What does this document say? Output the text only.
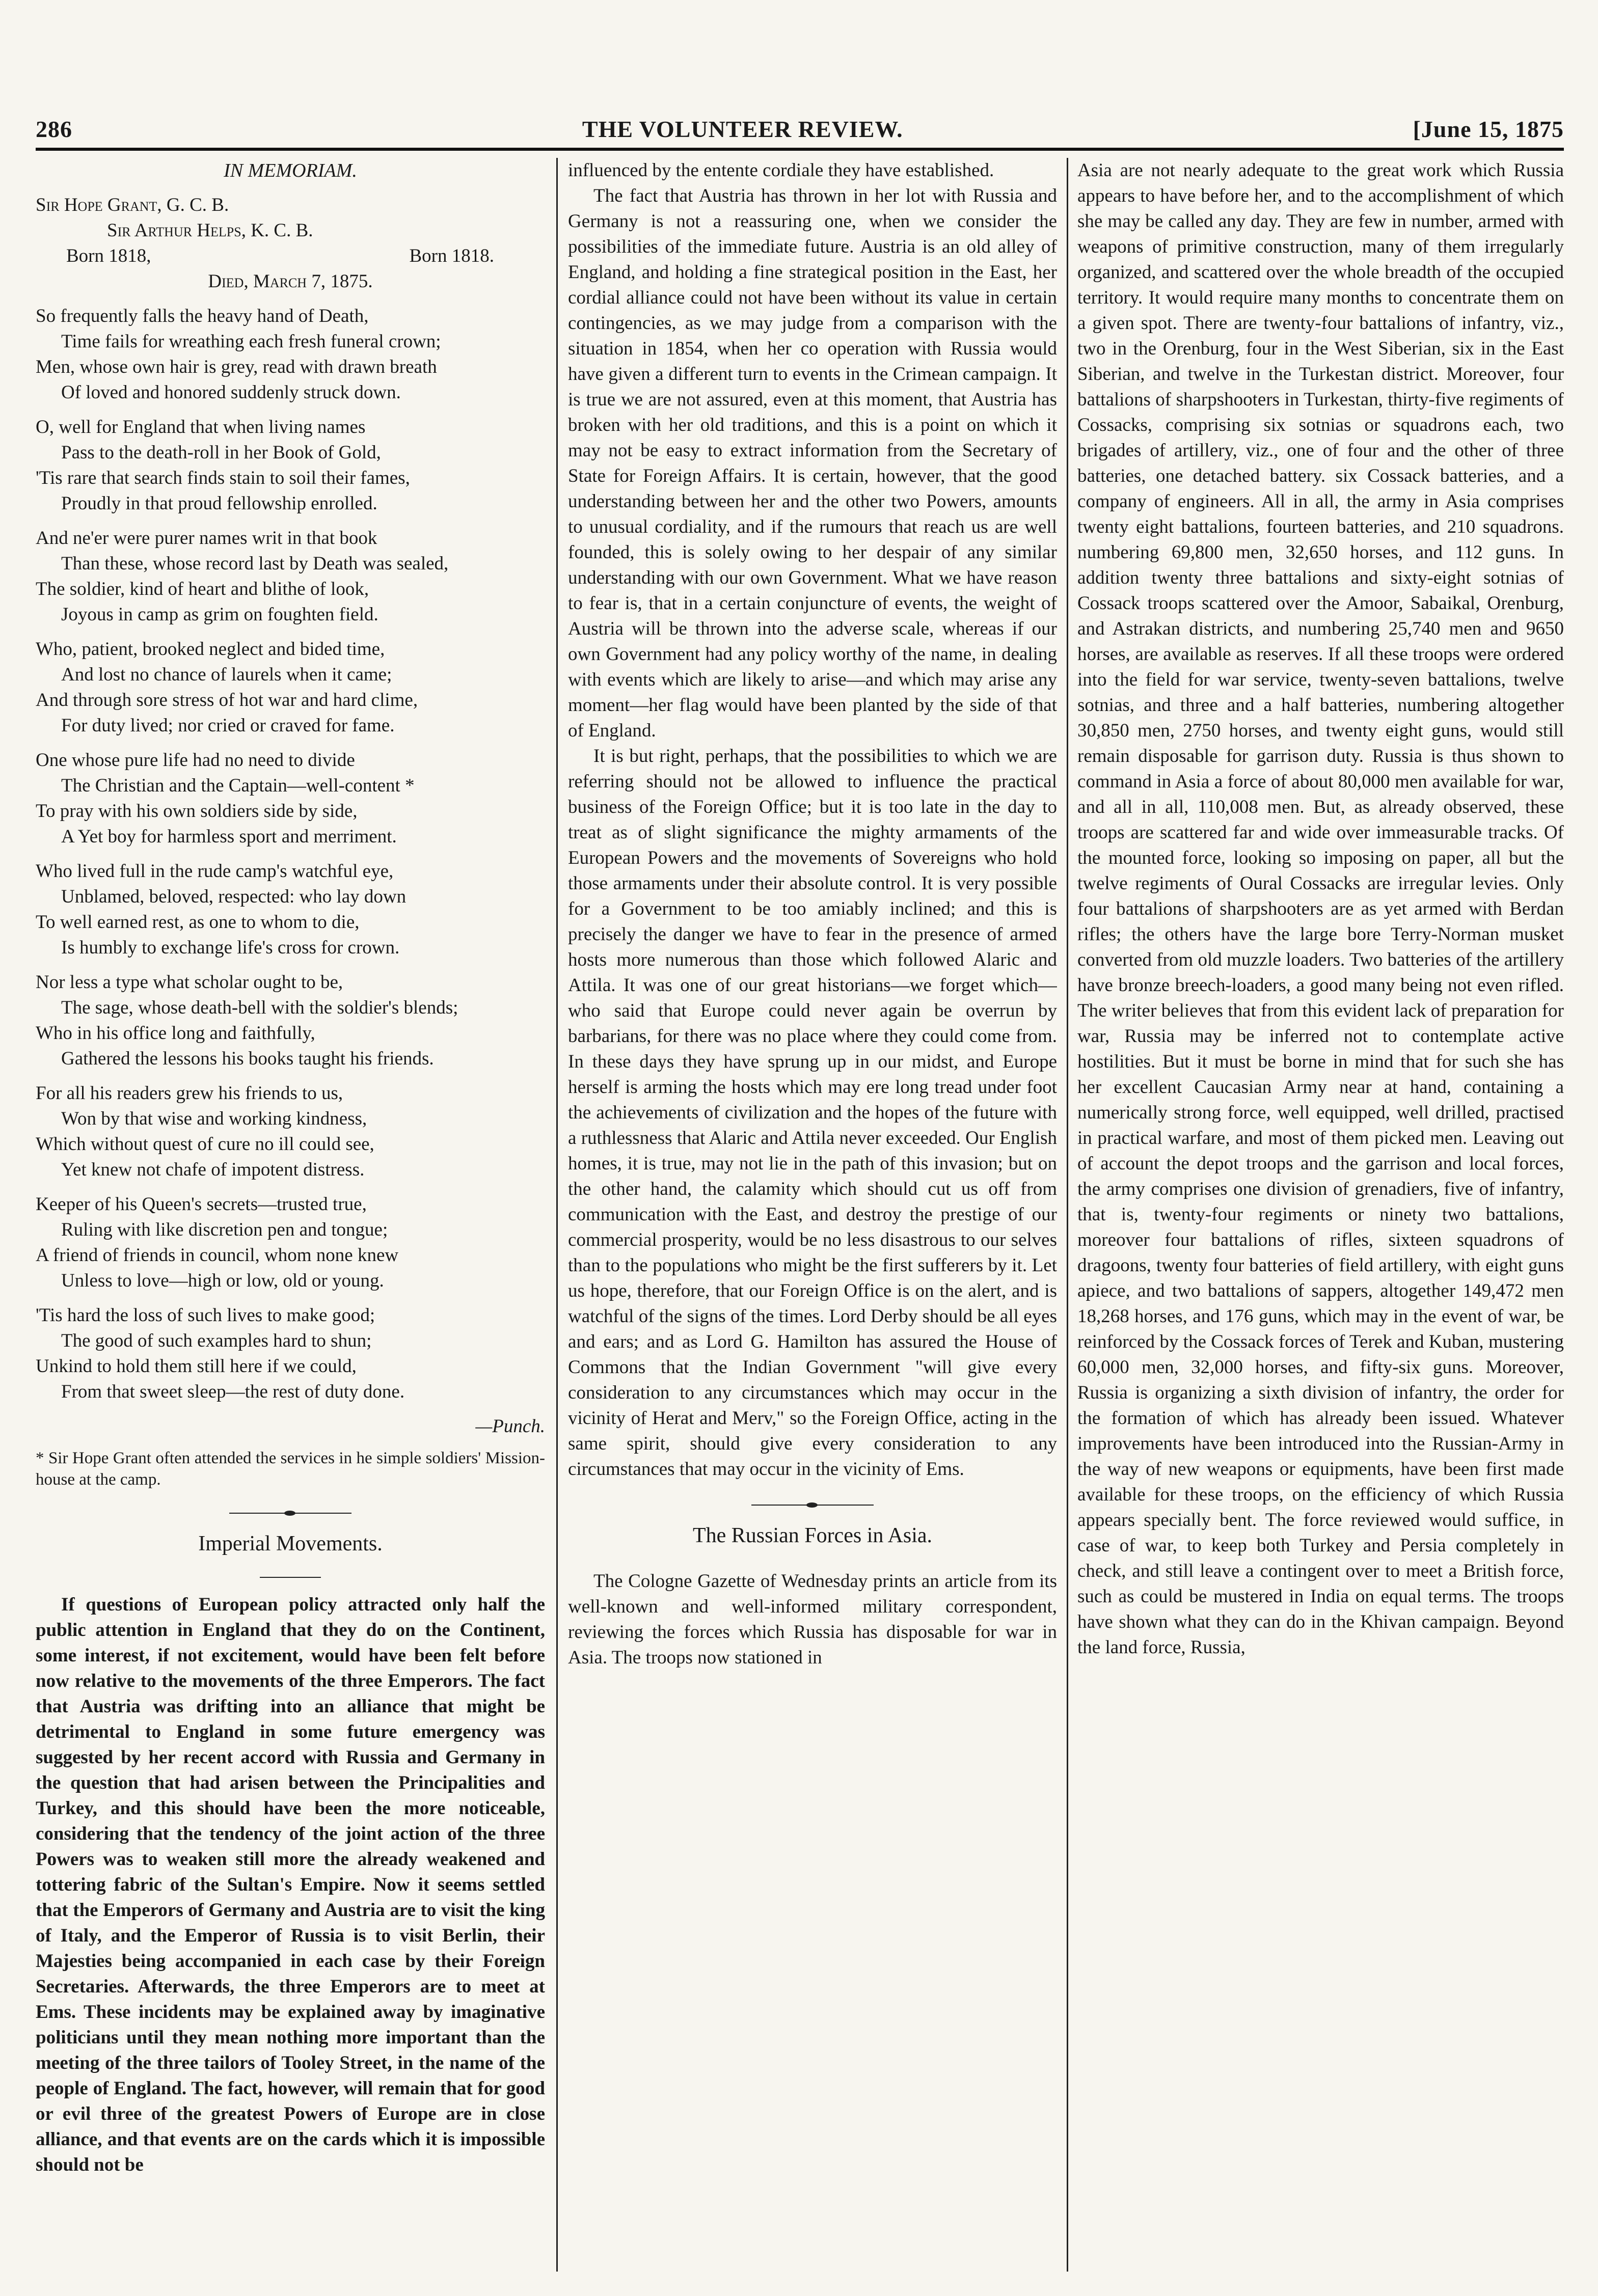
286	THE VOLUNTEER REVIEW.	[June 15, 1875
IN MEMORIAM.
Sir Hope Grant, G. C. B.
Sir Arthur Helps, K. C. B.
Born 1818,	Born 1818.
Died, March 7, 1875.
So frequently falls the heavy hand of Death,
Time fails for wreathing each fresh funeral crown;
Men, whose own hair is grey, read with drawn breath
Of loved and honored suddenly struck down.
O, well for England that when living names
Pass to the death-roll in her Book of Gold,
'Tis rare that search finds stain to soil their fames,
Proudly in that proud fellowship enrolled.
And ne'er were purer names writ in that book
Than these, whose record last by Death was sealed,
The soldier, kind of heart and blithe of look,
Joyous in camp as grim on foughten field.
Who, patient, brooked neglect and bided time,
And lost no chance of laurels when it came;
And through sore stress of hot war and hard clime,
For duty lived; nor cried or craved for fame.
One whose pure life had no need to divide
The Christian and the Captain—well-content *
To pray with his own soldiers side by side,
A Yet boy for harmless sport and merriment.
Who lived full in the rude camp's watchful eye,
Unblamed, beloved, respected: who lay down
To well earned rest, as one to whom to die,
Is humbly to exchange life's cross for crown.
Nor less a type what scholar ought to be,
The sage, whose death-bell with the soldier's blends;
Who in his office long and faithfully,
Gathered the lessons his books taught his friends.
For all his readers grew his friends to us,
Won by that wise and working kindness,
Which without quest of cure no ill could see,
Yet knew not chafe of impotent distress.
Keeper of his Queen's secrets—trusted true,
Ruling with like discretion pen and tongue;
A friend of friends in council, whom none knew
Unless to love—high or low, old or young.
'Tis hard the loss of such lives to make good;
The good of such examples hard to shun;
Unkind to hold them still here if we could,
From that sweet sleep—the rest of duty done.
—Punch.
* Sir Hope Grant often attended the services in he simple soldiers' Mission-house at the camp.
Imperial Movements.

If questions of European policy attracted only half the public attention in England that they do on the Continent, some interest, if not excitement, would have been felt before now relative to the movements of the three Emperors. The fact that Austria was drifting into an alliance that might be detrimental to England in some future emergency was suggested by her recent accord with Russia and Germany in the question that had arisen between the Principalities and Turkey, and this should have been the more noticeable, considering that the tendency of the joint action of the three Powers was to weaken still more the already weakened and tottering fabric of the Sultan's Empire. Now it seems settled that the Emperors of Germany and Austria are to visit the king of Italy, and the Emperor of Russia is to visit Berlin, their Majesties being accompanied in each case by their Foreign Secretaries. Afterwards, the three Emperors are to meet at Ems. These incidents may be explained away by imaginative politicians until they mean nothing more important than the meeting of the three tailors of Tooley Street, in the name of the people of England. The fact, however, will remain that for good or evil three of the greatest Powers of Europe are in close alliance, and that events are on the cards which it is impossible should not be

influenced by the entente cordiale they have established.

The fact that Austria has thrown in her lot with Russia and Germany is not a reassuring one, when we consider the possibilities of the immediate future. Austria is an old alley of England, and holding a fine strategical position in the East, her cordial alliance could not have been without its value in certain contingencies, as we may judge from a comparison with the situation in 1854, when her co operation with Russia would have given a different turn to events in the Crimean campaign. It is true we are not assured, even at this moment, that Austria has broken with her old traditions, and this is a point on which it may not be easy to extract information from the Secretary of State for Foreign Affairs. It is certain, however, that the good understanding between her and the other two Powers, amounts to unusual cordiality, and if the rumours that reach us are well founded, this is solely owing to her despair of any similar understanding with our own Government. What we have reason to fear is, that in a certain conjuncture of events, the weight of Austria will be thrown into the adverse scale, whereas if our own Government had any policy worthy of the name, in dealing with events which are likely to arise—and which may arise any moment—her flag would have been planted by the side of that of England.

It is but right, perhaps, that the possibilities to which we are referring should not be allowed to influence the practical business of the Foreign Office; but it is too late in the day to treat as of slight significance the mighty armaments of the European Powers and the movements of Sovereigns who hold those armaments under their absolute control. It is very possible for a Government to be too amiably inclined; and this is precisely the danger we have to fear in the presence of armed hosts more numerous than those which followed Alaric and Attila. It was one of our great historians—we forget which—who said that Europe could never again be overrun by barbarians, for there was no place where they could come from. In these days they have sprung up in our midst, and Europe herself is arming the hosts which may ere long tread under foot the achievements of civilization and the hopes of the future with a ruthlessness that Alaric and Attila never exceeded. Our English homes, it is true, may not lie in the path of this invasion; but on the other hand, the calamity which should cut us off from communication with the East, and destroy the prestige of our commercial prosperity, would be no less disastrous to our selves than to the populations who might be the first sufferers by it. Let us hope, therefore, that our Foreign Office is on the alert, and is watchful of the signs of the times. Lord Derby should be all eyes and ears; and as Lord G. Hamilton has assured the House of Commons that the Indian Government "will give every consideration to any circumstances which may occur in the vicinity of Herat and Merv," so the Foreign Office, acting in the same spirit, should give every consideration to any circumstances that may occur in the vicinity of Ems.

The Russian Forces in Asia.

The Cologne Gazette of Wednesday prints an article from its well-known and well-informed military correspondent, reviewing the forces which Russia has disposable for war in Asia. The troops now stationed in

Asia are not nearly adequate to the great work which Russia appears to have before her, and to the accomplishment of which she may be called any day. They are few in number, armed with weapons of primitive construction, many of them irregularly organized, and scattered over the whole breadth of the occupied territory. It would require many months to concentrate them on a given spot. There are twenty-four battalions of infantry, viz., two in the Orenburg, four in the West Siberian, six in the East Siberian, and twelve in the Turkestan district. Moreover, four battalions of sharpshooters in Turkestan, thirty-five regiments of Cossacks, comprising six sotnias or squadrons each, two brigades of artillery, viz., one of four and the other of three batteries, one detached battery. six Cossack batteries, and a company of engineers. All in all, the army in Asia comprises twenty eight battalions, fourteen batteries, and 210 squadrons. numbering 69,800 men, 32,650 horses, and 112 guns. In addition twenty three battalions and sixty-eight sotnias of Cossack troops scattered over the Amoor, Sabaikal, Orenburg, and Astrakan districts, and numbering 25,740 men and 9650 horses, are available as reserves. If all these troops were ordered into the field for war service, twenty-seven battalions, twelve sotnias, and three and a half batteries, numbering altogether 30,850 men, 2750 horses, and twenty eight guns, would still remain disposable for garrison duty. Russia is thus shown to command in Asia a force of about 80,000 men available for war, and all in all, 110,008 men. But, as already observed, these troops are scattered far and wide over immeasurable tracks. Of the mounted force, looking so imposing on paper, all but the twelve regiments of Oural Cossacks are irregular levies. Only four battalions of sharpshooters are as yet armed with Berdan rifles; the others have the large bore Terry-Norman musket converted from old muzzle loaders. Two batteries of the artillery have bronze breech-loaders, a good many being not even rifled. The writer believes that from this evident lack of preparation for war, Russia may be inferred not to contemplate active hostilities. But it must be borne in mind that for such she has her excellent Caucasian Army near at hand, containing a numerically strong force, well equipped, well drilled, practised in practical warfare, and most of them picked men. Leaving out of account the depot troops and the garrison and local forces, the army comprises one division of grenadiers, five of infantry, that is, twenty-four regiments or ninety two battalions, moreover four battalions of rifles, sixteen squadrons of dragoons, twenty four batteries of field artillery, with eight guns apiece, and two battalions of sappers, altogether 149,472 men 18,268 horses, and 176 guns, which may in the event of war, be reinforced by the Cossack forces of Terek and Kuban, mustering 60,000 men, 32,000 horses, and fifty-six guns. Moreover, Russia is organizing a sixth division of infantry, the order for the formation of which has already been issued. Whatever improvements have been introduced into the Russian-Army in the way of new weapons or equipments, have been first made available for these troops, on the efficiency of which Russia appears specially bent. The force reviewed would suffice, in case of war, to keep both Turkey and Persia completely in check, and still leave a contingent over to meet a British force, such as could be mustered in India on equal terms. The troops have shown what they can do in the Khivan campaign. Beyond the land force, Russia,
